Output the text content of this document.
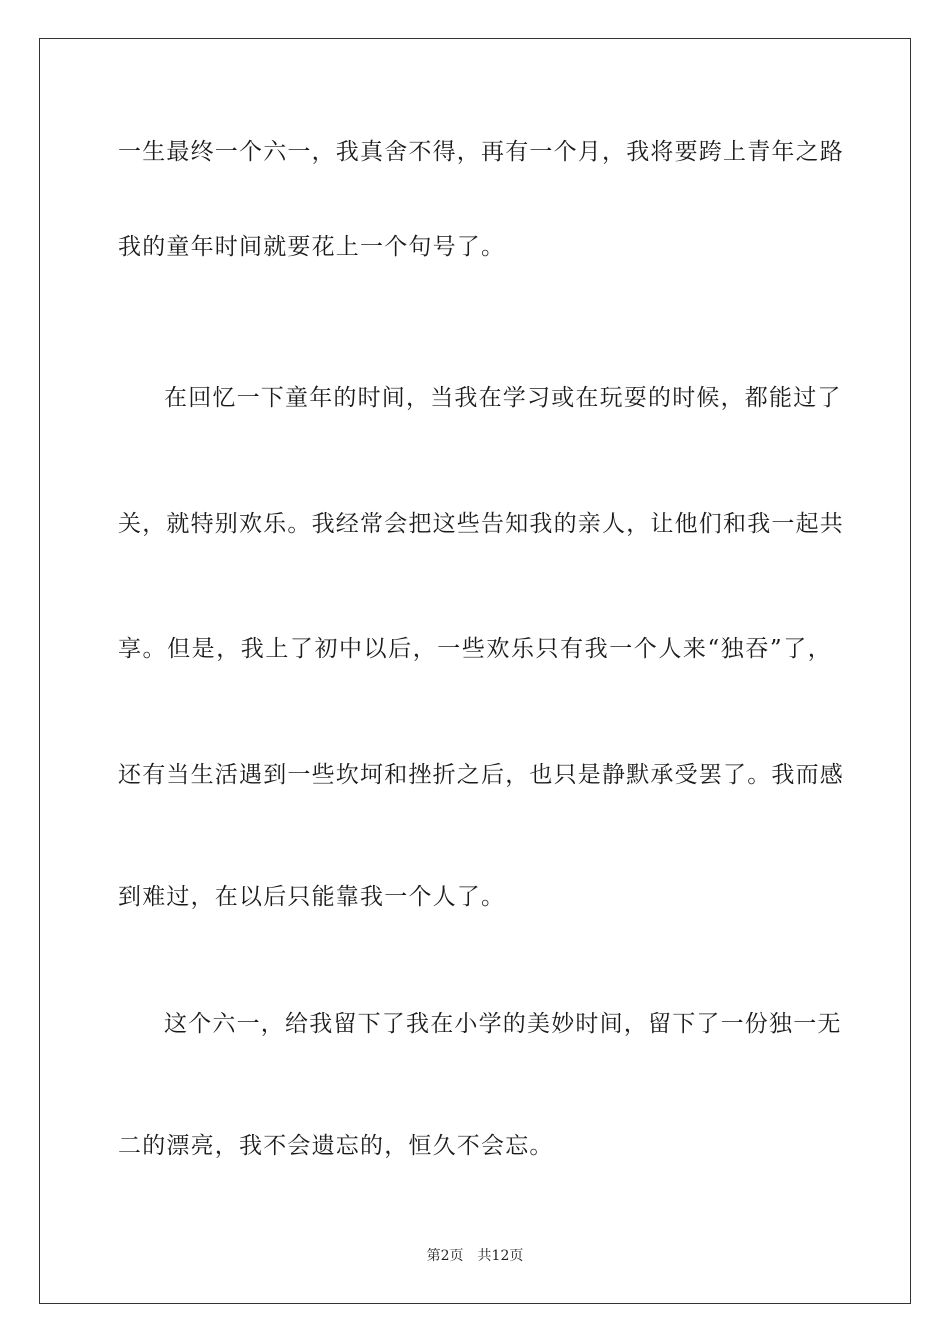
一生最终一个六一，我真舍不得，再有一个月，我将要跨上青年之路
我的童年时间就要花上一个句号了。
在回忆一下童年的时间，当我在学习或在玩耍的时候，都能过了
关，就特别欢乐。我经常会把这些告知我的亲人，让他们和我一起共
享。但是，我上了初中以后，一些欢乐只有我一个人来“独吞”了，
还有当生活遇到一些坎坷和挫折之后，也只是静默承受罢了。我而感
到难过，在以后只能靠我一个人了。
这个六一，给我留下了我在小学的美妙时间，留下了一份独一无
二的漂亮，我不会遗忘的，恒久不会忘。
第2页 共12页
